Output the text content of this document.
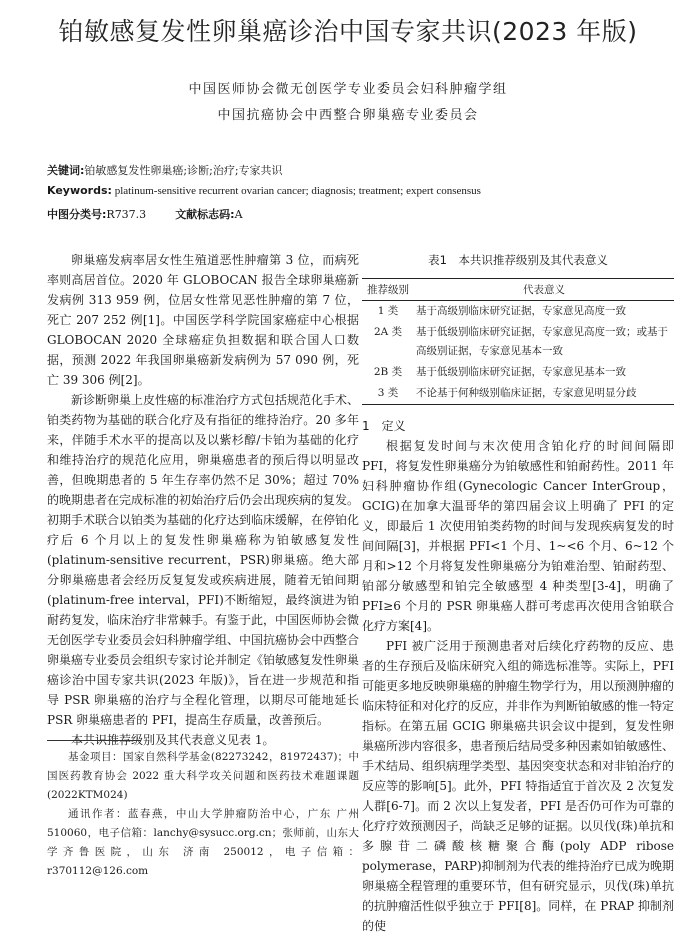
铂敏感复发性卵巢癌诊治中国专家共识(2023 年版)
中国医师协会微无创医学专业委员会妇科肿瘤学组
中国抗癌协会中西整合卵巢癌专业委员会
关键词:铂敏感复发性卵巢癌;诊断;治疗;专家共识
Keywords: platinum-sensitive recurrent ovarian cancer; diagnosis; treatment; expert consensus
中图分类号:R737.3	文献标志码:A

卵巢癌发病率居女性生殖道恶性肿瘤第 3 位，而病死率则高居首位。2020 年 GLOBOCAN 报告全球卵巢癌新发病例 313 959 例，位居女性常见恶性肿瘤的第 7 位，死亡 207 252 例[1]。中国医学科学院国家癌症中心根据 GLOBOCAN 2020 全球癌症负担数据和联合国人口数据，预测 2022 年我国卵巢癌新发病例为 57 090 例，死亡 39 306 例[2]。

新诊断卵巢上皮性癌的标准治疗方式包括规范化手术、铂类药物为基础的联合化疗及有指征的维持治疗。20 多年来，伴随手术水平的提高以及以紫杉醇/卡铂为基础的化疗和维持治疗的规范化应用，卵巢癌患者的预后得以明显改善，但晚期患者的 5 年生存率仍然不足 30%；超过 70% 的晚期患者在完成标准的初始治疗后仍会出现疾病的复发。初期手术联合以铂类为基础的化疗达到临床缓解，在停铂化疗后 6 个月以上的复发性卵巢癌称为铂敏感复发性(platinum-sensitive recurrent，PSR)卵巢癌。绝大部分卵巢癌患者会经历反复复发或疾病进展，随着无铂间期(platinum-free interval，PFI)不断缩短，最终演进为铂耐药复发，临床治疗非常棘手。有鉴于此，中国医师协会微无创医学专业委员会妇科肿瘤学组、中国抗癌协会中西整合卵巢癌专业委员会组织专家讨论并制定《铂敏感复发性卵巢癌诊治中国专家共识(2023 年版)》，旨在进一步规范和指导 PSR 卵巢癌的治疗与全程化管理，以期尽可能地延长 PSR 卵巢癌患者的 PFI，提高生存质量，改善预后。

本共识推荐级别及其代表意义见表 1。

基金项目：国家自然科学基金(82273242，81972437)；中国医药教育协会 2022 重大科学攻关问题和医药技术难题课题(2022KTM024)

通讯作者：蓝春燕，中山大学肿瘤防治中心，广东 广州 510060，电子信箱：lanchy@sysucc.org.cn；张师前，山东大学齐鲁医院，山东 济南 250012，电子信箱：r370112@126.com

表1　本共识推荐级别及其代表意义
推荐级别	代表意义
1 类	基于高级别临床研究证据，专家意见高度一致
2A 类	基于低级别临床研究证据，专家意见高度一致；或基于高级别证据，专家意见基本一致
2B 类	基于低级别临床研究证据，专家意见基本一致
3 类	不论基于何种级别临床证据，专家意见明显分歧

1　定义

根据复发时间与末次使用含铂化疗的时间间隔即 PFI，将复发性卵巢癌分为铂敏感性和铂耐药性。2011 年妇科肿瘤协作组(Gynecologic Cancer InterGroup，GCIG)在加拿大温哥华的第四届会议上明确了 PFI 的定义，即最后 1 次使用铂类药物的时间与发现疾病复发的时间间隔[3]，并根据 PFI<1 个月、1~<6 个月、6~12 个月和>12 个月将复发性卵巢癌分为铂难治型、铂耐药型、铂部分敏感型和铂完全敏感型 4 种类型[3-4]，明确了 PFI≥6 个月的 PSR 卵巢癌人群可考虑再次使用含铂联合化疗方案[4]。

PFI 被广泛用于预测患者对后续化疗药物的反应、患者的生存预后及临床研究入组的筛选标准等。实际上，PFI 可能更多地反映卵巢癌的肿瘤生物学行为，用以预测肿瘤的临床特征和对化疗的反应，并非作为判断铂敏感的惟一特定指标。在第五届 GCIG 卵巢癌共识会议中提到，复发性卵巢癌所涉内容很多，患者预后结局受多种因素如铂敏感性、手术结局、组织病理学类型、基因突变状态和对非铂治疗的反应等的影响[5]。此外，PFI 特指适宜于首次及 2 次复发人群[6-7]。而 2 次以上复发者，PFI 是否仍可作为可靠的化疗疗效预测因子，尚缺乏足够的证据。以贝伐(珠)单抗和多腺苷二磷酸核糖聚合酶(poly ADP ribose polymerase，PARP)抑制剂为代表的维持治疗已成为晚期卵巢癌全程管理的重要环节，但有研究显示，贝伐(珠)单抗的抗肿瘤活性似乎独立于 PFI[8]。同样，在 PRAP 抑制剂的使
